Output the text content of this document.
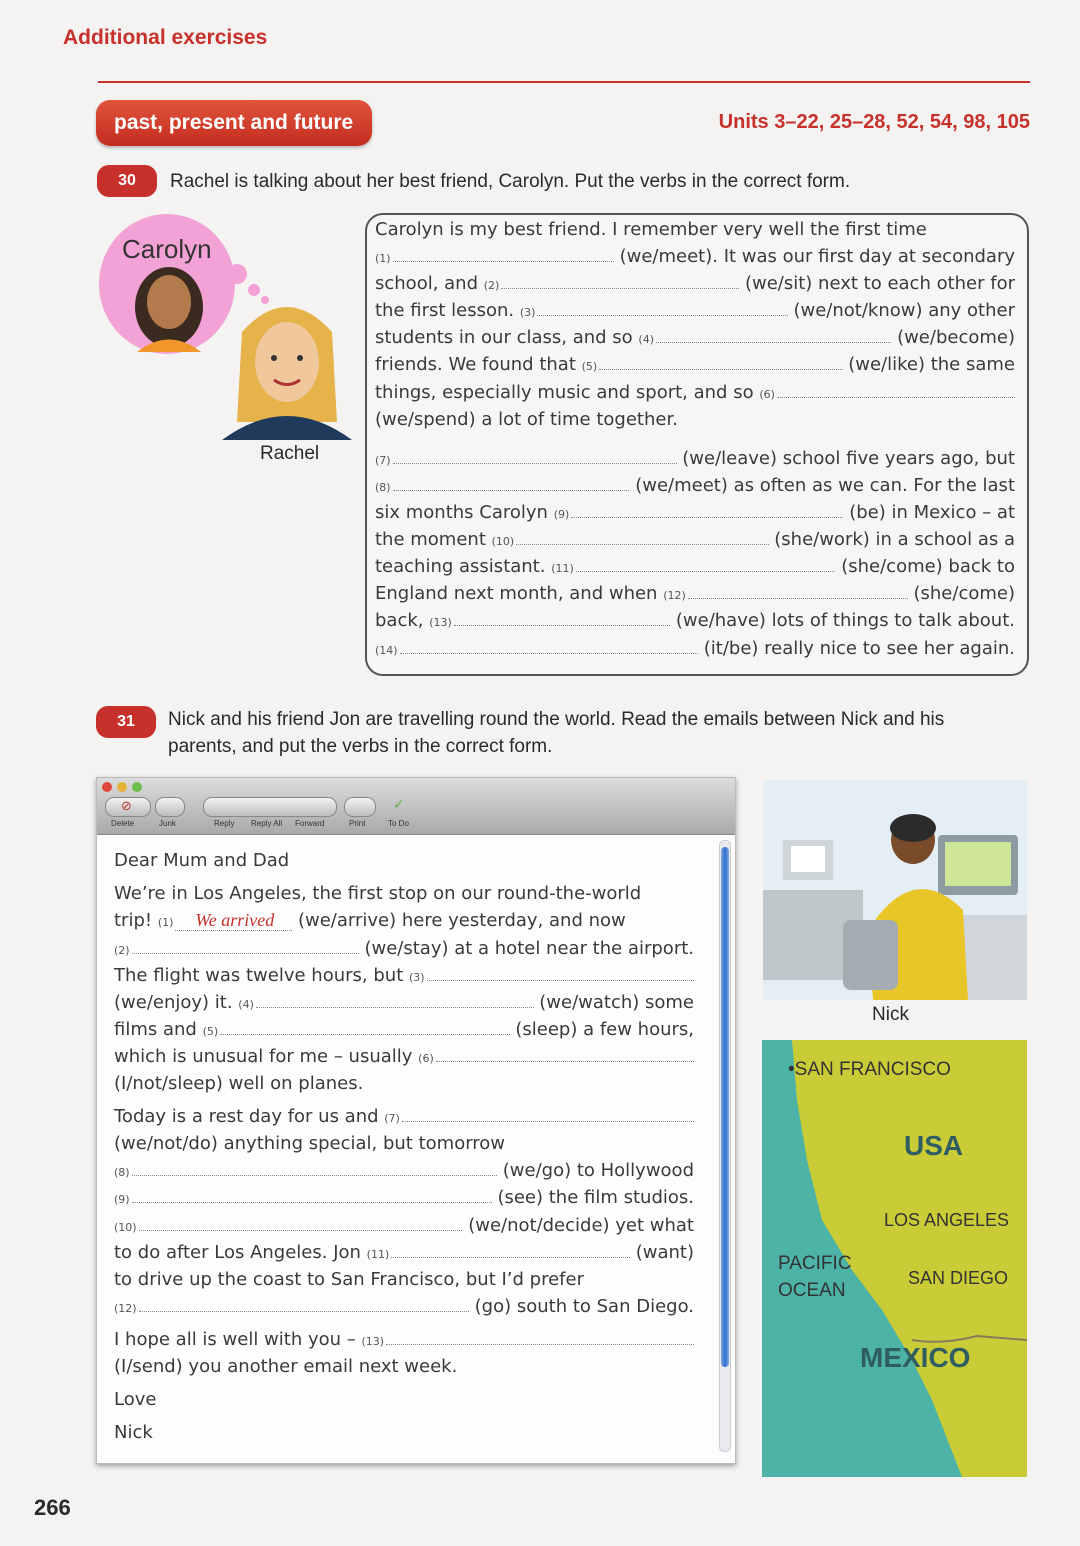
Additional exercises
past, present and future	Units 3–22, 25–28, 52, 54, 98, 105
30	Rachel is talking about her best friend, Carolyn. Put the verbs in the correct form.
Carolyn
Rachel
Carolyn is my best friend. I remember very well the first time
(1)	(we/meet). It was our first day at secondary
school, and (2)	(we/sit) next to each other for
the first lesson. (3)	(we/not/know) any other
students in our class, and so (4)	(we/become)
friends. We found that (5)	(we/like) the same
things, especially music and sport, and so (6)
(we/spend) a lot of time together.
(7)	(we/leave) school five years ago, but
(8)	(we/meet) as often as we can. For the last
six months Carolyn (9)	(be) in Mexico – at
the moment (10)	(she/work) in a school as a
teaching assistant. (11)	(she/come) back to
England next month, and when (12)	(she/come)
back, (13)	(we/have) lots of things to talk about.
(14)	(it/be) really nice to see her again.
31	Nick and his friend Jon are travelling round the world. Read the emails between Nick and his
parents, and put the verbs in the correct form.
⊘	✓
Delete	Junk	Reply Reply All Forward	Print	To Do
Dear Mum and Dad
We’re in Los Angeles, the first stop on our round-the-world
trip! (1) We arrived (we/arrive) here yesterday, and now
(2)	(we/stay) at a hotel near the airport.
The flight was twelve hours, but (3)
(we/enjoy) it. (4)	(we/watch) some
films and (5)	(sleep) a few hours,
which is unusual for me – usually (6)
(I/not/sleep) well on planes.
Today is a rest day for us and (7)
(we/not/do) anything special, but tomorrow
(8)	(we/go) to Hollywood
(9)	(see) the film studios.
(10)	(we/not/decide) yet what
to do after Los Angeles. Jon (11)	(want)
to drive up the coast to San Francisco, but I’d prefer
(12)	(go) south to San Diego.
I hope all is well with you – (13)
(I/send) you another email next week.
Love
Nick
Nick
•SAN FRANCISCO
USA
LOS ANGELES
PACIFIC
OCEAN
SAN DIEGO
MEXICO
266
